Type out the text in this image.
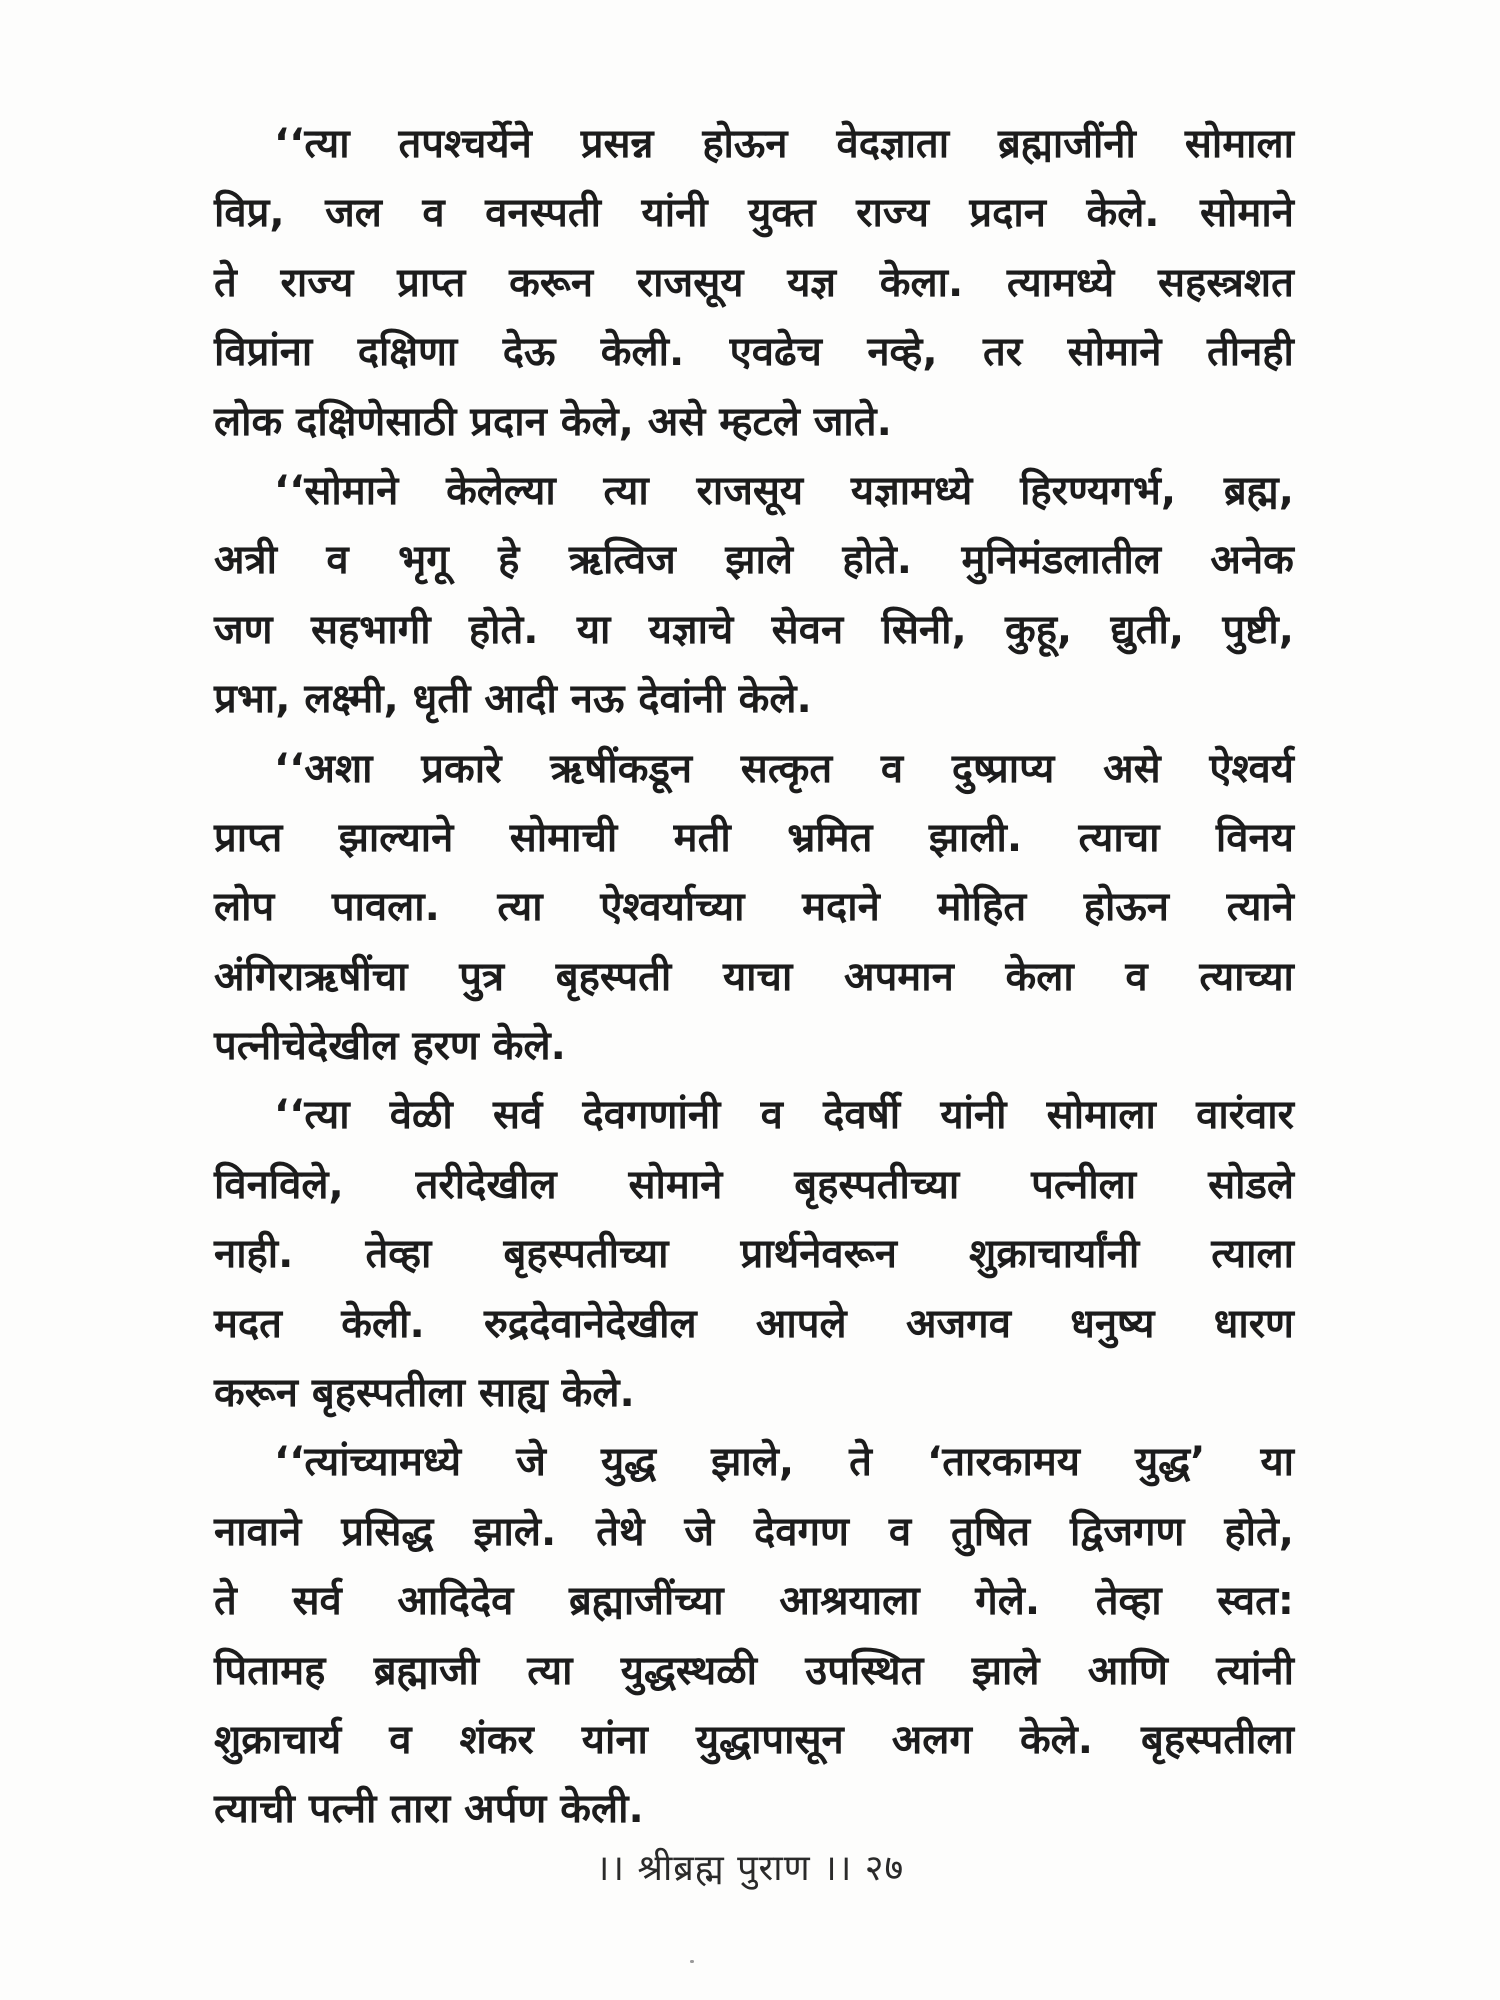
‘‘त्या तपश्चर्येने प्रसन्न होऊन वेदज्ञाता ब्रह्माजींनी सोमाला
विप्र, जल व वनस्पती यांनी युक्त राज्य प्रदान केले. सोमाने
ते राज्य प्राप्त करून राजसूय यज्ञ केला. त्यामध्ये सहस्त्रशत
विप्रांना दक्षिणा देऊ केली. एवढेच नव्हे, तर सोमाने तीनही
लोक दक्षिणेसाठी प्रदान केले, असे म्हटले जाते.
‘‘सोमाने केलेल्या त्या राजसूय यज्ञामध्ये हिरण्यगर्भ, ब्रह्म,
अत्री व भृगू हे ऋत्विज झाले होते. मुनिमंडलातील अनेक
जण सहभागी होते. या यज्ञाचे सेवन सिनी, कुहू, द्युती, पुष्टी,
प्रभा, लक्ष्मी, धृती आदी नऊ देवांनी केले.
‘‘अशा प्रकारे ऋषींकडून सत्कृत व दुष्प्राप्य असे ऐश्वर्य
प्राप्त झाल्याने सोमाची मती भ्रमित झाली. त्याचा विनय
लोप पावला. त्या ऐश्वर्याच्या मदाने मोहित होऊन त्याने
अंगिराऋषींचा पुत्र बृहस्पती याचा अपमान केला व त्याच्या
पत्नीचेदेखील हरण केले.
‘‘त्या वेळी सर्व देवगणांनी व देवर्षी यांनी सोमाला वारंवार
विनविले, तरीदेखील सोमाने बृहस्पतीच्या पत्नीला सोडले
नाही. तेव्हा बृहस्पतीच्या प्रार्थनेवरून शुक्राचार्यांनी त्याला
मदत केली. रुद्रदेवानेदेखील आपले अजगव धनुष्य धारण
करून बृहस्पतीला साह्य केले.
‘‘त्यांच्यामध्ये जे युद्ध झाले, ते ‘तारकामय युद्ध’ या
नावाने प्रसिद्ध झाले. तेथे जे देवगण व तुषित द्विजगण होते,
ते सर्व आदिदेव ब्रह्माजींच्या आश्रयाला गेले. तेव्हा स्वत:
पितामह ब्रह्माजी त्या युद्धस्थळी उपस्थित झाले आणि त्यांनी
शुक्राचार्य व शंकर यांना युद्धापासून अलग केले. बृहस्पतीला
त्याची पत्नी तारा अर्पण केली.
।। श्रीब्रह्म पुराण ।। २७
